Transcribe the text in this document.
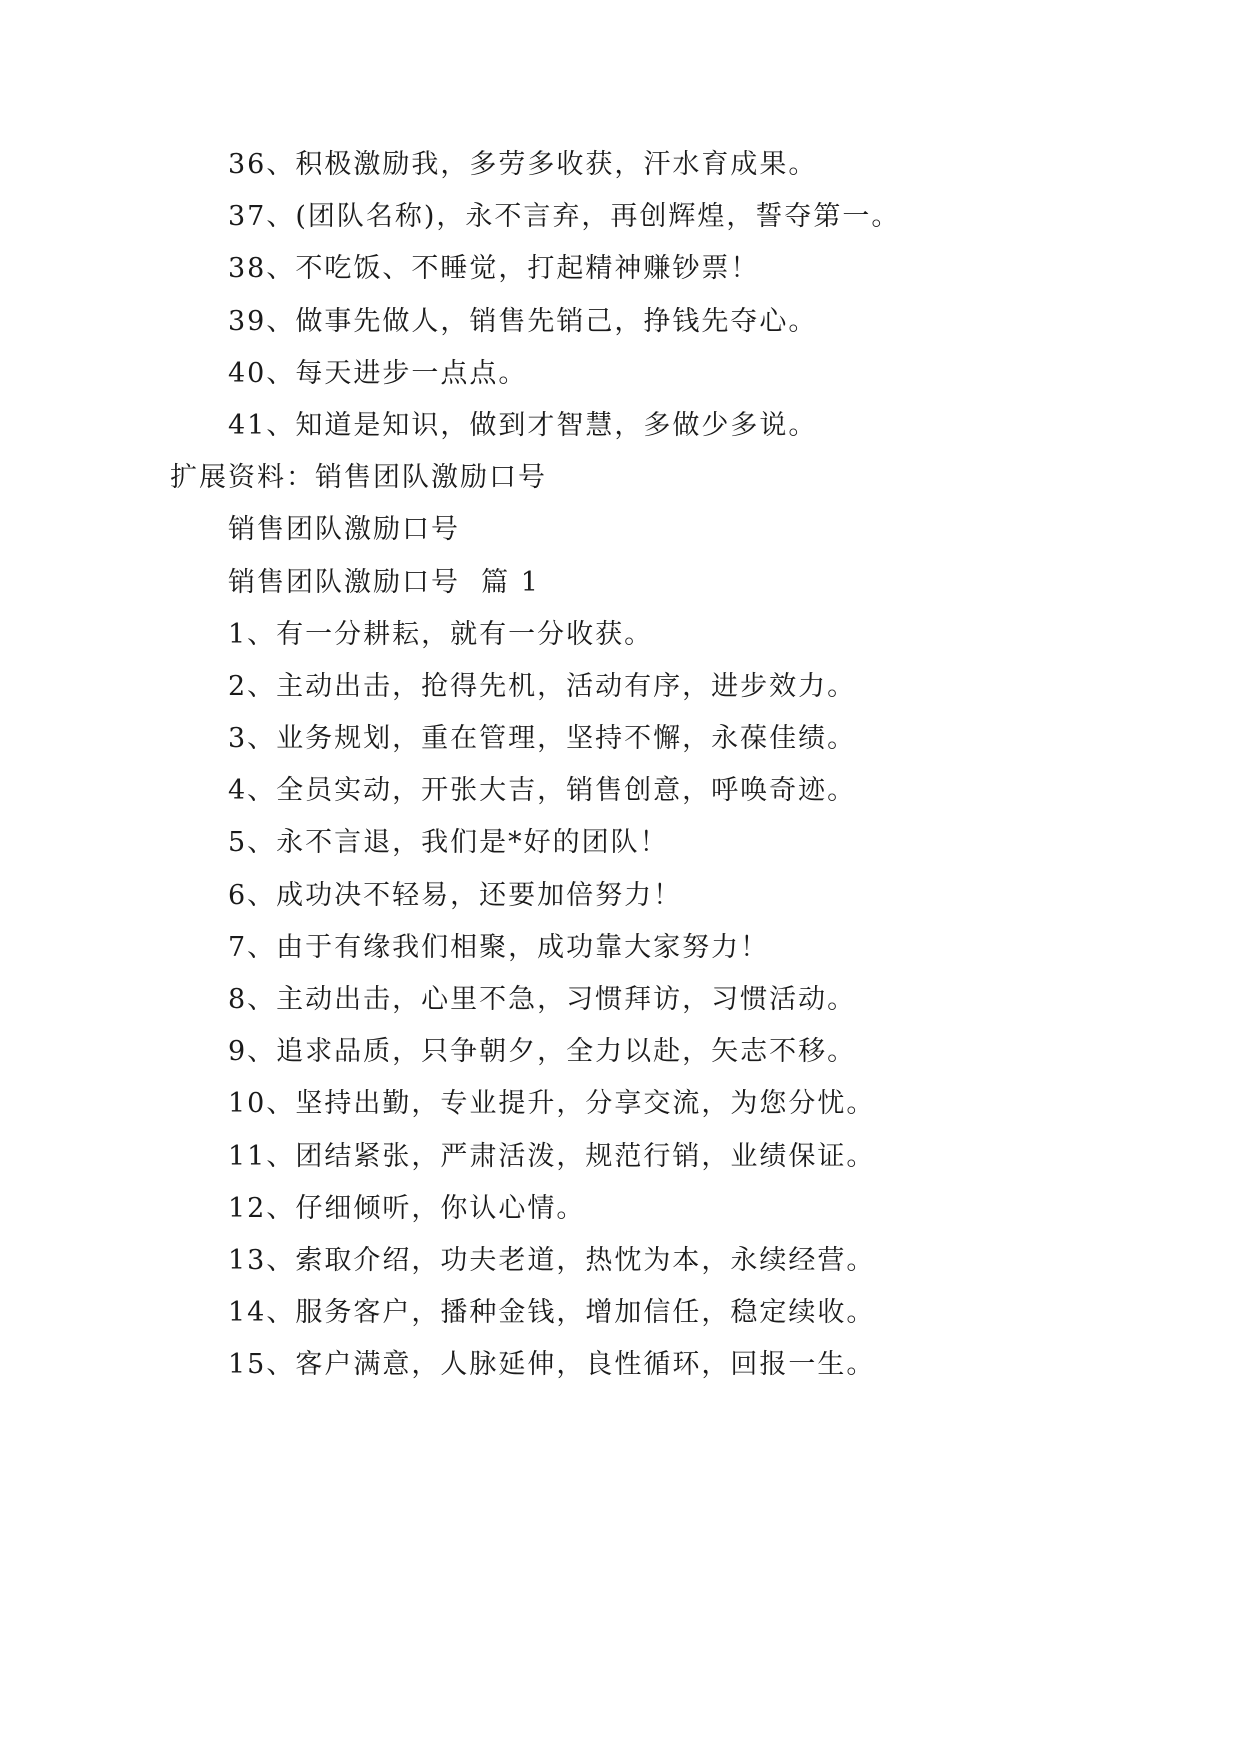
36、积极激励我，多劳多收获，汗水育成果。

37、(团队名称)，永不言弃，再创辉煌，誓夺第一。

38、不吃饭、不睡觉，打起精神赚钞票！

39、做事先做人，销售先销己，挣钱先夺心。

40、每天进步一点点。

41、知道是知识，做到才智慧，多做少多说。

扩展资料：销售团队激励口号

销售团队激励口号

销售团队激励口号  篇 1

1、有一分耕耘，就有一分收获。

2、主动出击，抢得先机，活动有序，进步效力。

3、业务规划，重在管理，坚持不懈，永葆佳绩。

4、全员实动，开张大吉，销售创意，呼唤奇迹。

5、永不言退，我们是*好的团队！

6、成功决不轻易，还要加倍努力！

7、由于有缘我们相聚，成功靠大家努力！

8、主动出击，心里不急，习惯拜访，习惯活动。

9、追求品质，只争朝夕，全力以赴，矢志不移。

10、坚持出勤，专业提升，分享交流，为您分忧。

11、团结紧张，严肃活泼，规范行销，业绩保证。

12、仔细倾听，你认心情。

13、索取介绍，功夫老道，热忱为本，永续经营。

14、服务客户，播种金钱，增加信任，稳定续收。

15、客户满意，人脉延伸，良性循环，回报一生。
